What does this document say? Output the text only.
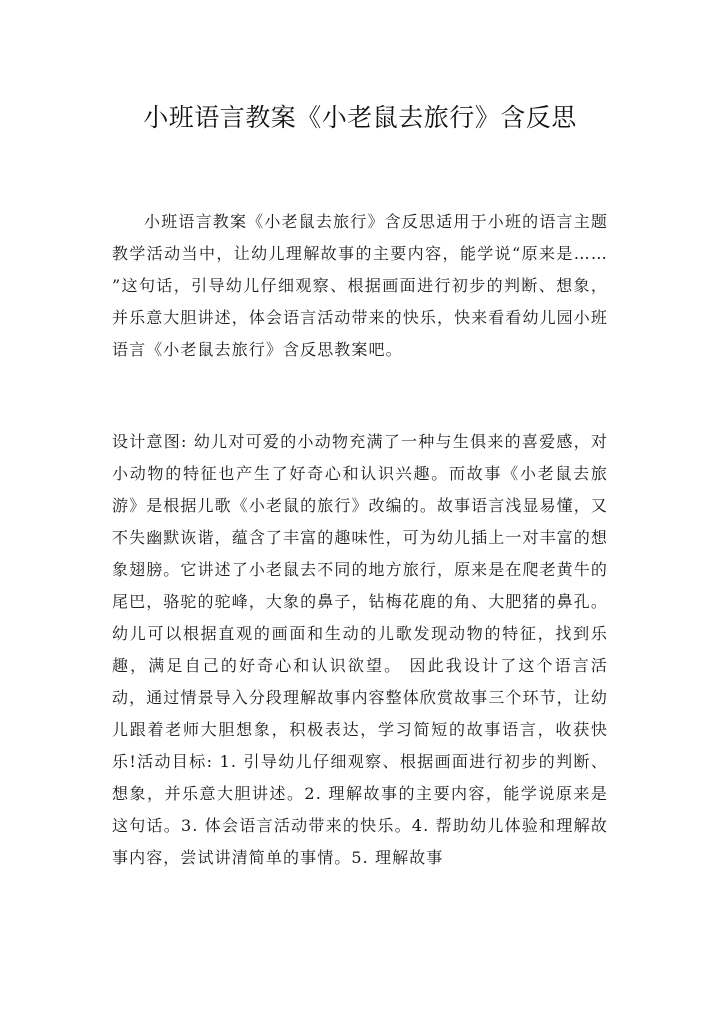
小班语言教案《小老鼠去旅行》含反思

小班语言教案《小老鼠去旅行》含反思适用于小班的语言主题教学活动当中，让幼儿理解故事的主要内容，能学说“原来是…… ”这句话，引导幼儿仔细观察、根据画面进行初步的判断、想象，并乐意大胆讲述，体会语言活动带来的快乐，快来看看幼儿园小班语言《小老鼠去旅行》含反思教案吧。

设计意图: 幼儿对可爱的小动物充满了一种与生俱来的喜爱感，对小动物的特征也产生了好奇心和认识兴趣。而故事《小老鼠去旅游》是根据儿歌《小老鼠的旅行》改编的。故事语言浅显易懂，又不失幽默诙谐，蕴含了丰富的趣味性，可为幼儿插上一对丰富的想象翅膀。它讲述了小老鼠去不同的地方旅行，原来是在爬老黄牛的尾巴，骆驼的驼峰，大象的鼻子，钻梅花鹿的角、大肥猪的鼻孔。幼儿可以根据直观的画面和生动的儿歌发现动物的特征，找到乐趣，满足自己的好奇心和认识欲望。 因此我设计了这个语言活动，通过情景导入分段理解故事内容整体欣赏故事三个环节，让幼儿跟着老师大胆想象，积极表达，学习简短的故事语言，收获快乐!活动目标: 1. 引导幼儿仔细观察、根据画面进行初步的判断、想象，并乐意大胆讲述。2. 理解故事的主要内容，能学说原来是 这句话。3. 体会语言活动带来的快乐。4. 帮助幼儿体验和理解故事内容，尝试讲清简单的事情。5. 理解故事
